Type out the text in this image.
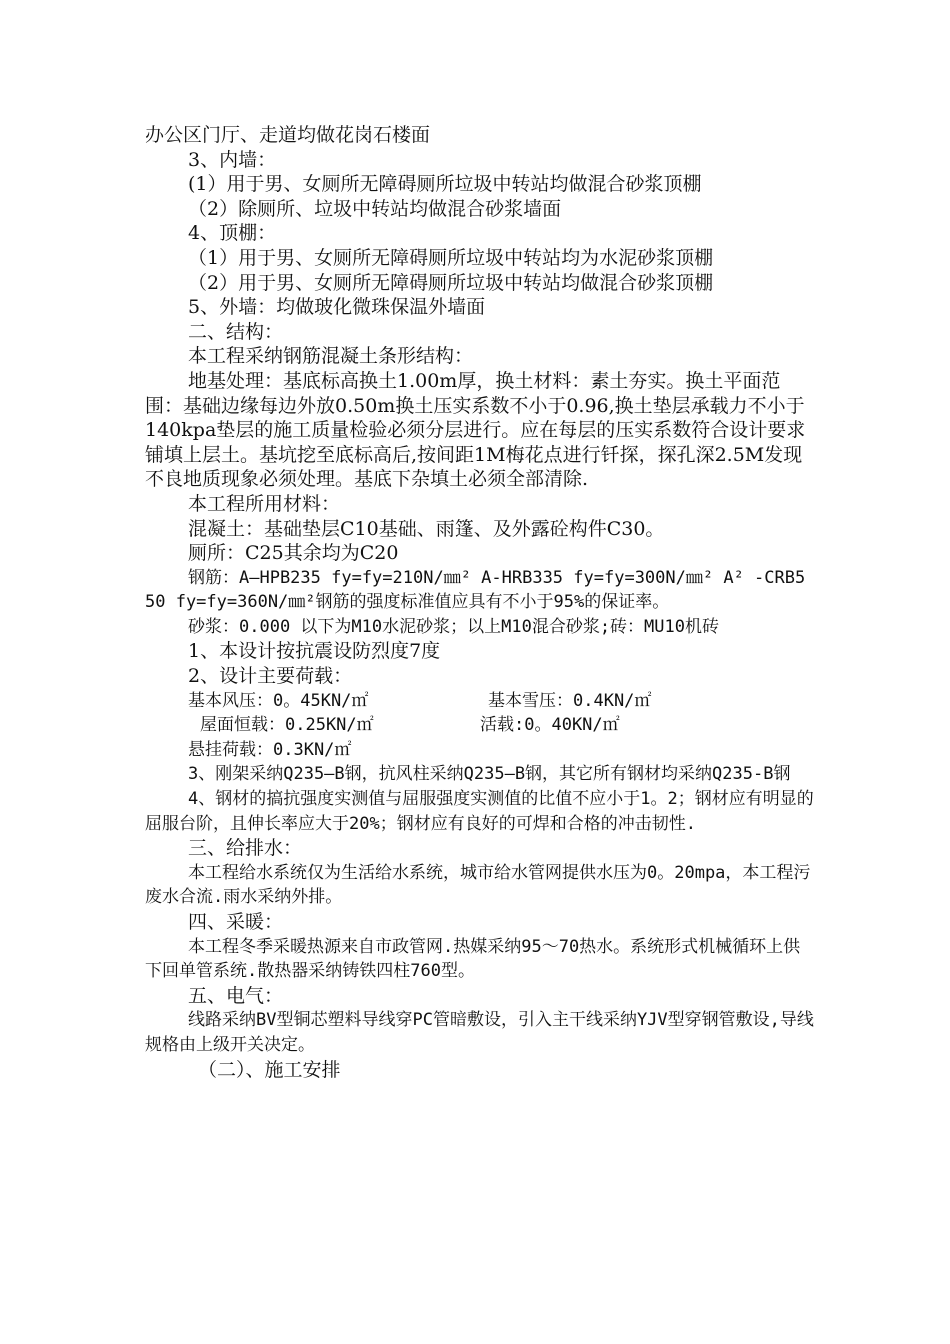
办公区门厅、走道均做花岗石楼面

3、内墙：

(1）用于男、女厕所无障碍厕所垃圾中转站均做混合砂浆顶棚

（2）除厕所、垃圾中转站均做混合砂浆墙面

4、顶棚：

（1）用于男、女厕所无障碍厕所垃圾中转站均为水泥砂浆顶棚

（2）用于男、女厕所无障碍厕所垃圾中转站均做混合砂浆顶棚

5、外墙：均做玻化微珠保温外墙面

二、结构：

本工程采纳钢筋混凝土条形结构：

地基处理：基底标高换土1.00m厚，换土材料：素土夯实。换土平面范围：基础边缘每边外放0.50m换土压实系数不小于0.96,换土垫层承载力不小于140kpa垫层的施工质量检验必须分层进行。应在每层的压实系数符合设计要求铺填上层土。基坑挖至底标高后,按间距1M梅花点进行钎探，探孔深2.5M发现不良地质现象必须处理。基底下杂填土必须全部清除.

本工程所用材料：

混凝土：基础垫层C10基础、雨篷、及外露砼构件C30。

厕所：C25其余均为C20

钢筋：A—HPB235 fy=fy=210N/㎜² A-HRB335 fy=fy=300N/㎜² A² -CRB550 fy=fy=360N/㎜²钢筋的强度标准值应具有不小于95%的保证率。

砂浆：0.000 以下为M10水泥砂浆；以上M10混合砂浆;砖：MU10机砖

1、本设计按抗震设防烈度7度

2、设计主要荷载：

基本风压：0。45KN/㎡	基本雪压：0.4KN/㎡
屋面恒载：0.25KN/㎡	活载:0。40KN/㎡

悬挂荷载：0.3KN/㎡

3、刚架采纳Q235—B钢，抗风柱采纳Q235—B钢，其它所有钢材均采纳Q235-B钢

4、钢材的搞抗强度实测值与屈服强度实测值的比值不应小于1。2；钢材应有明显的屈服台阶，且伸长率应大于20%；钢材应有良好的可焊和合格的冲击韧性.

三、给排水：

本工程给水系统仅为生活给水系统，城市给水管网提供水压为0。20mpa，本工程污废水合流.雨水采纳外排。

四、采暖：

本工程冬季采暖热源来自市政管网.热媒采纳95～70热水。系统形式机械循环上供下回单管系统.散热器采纳铸铁四柱760型。

五、电气：

线路采纳BV型铜芯塑料导线穿PC管暗敷设，引入主干线采纳YJV型穿钢管敷设,导线规格由上级开关决定。

（二）、施工安排
